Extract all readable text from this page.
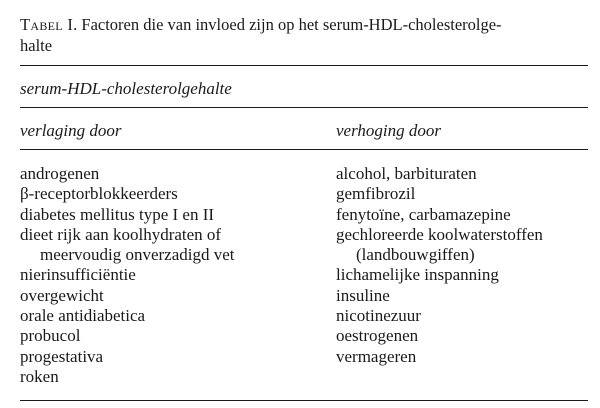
Tabel I. Factoren die van invloed zijn op het serum-HDL-cholesterolge-
halte
serum-HDL-cholesterolgehalte
verlaging door	verhoging door
androgenen
β-receptorblokkeerders
diabetes mellitus type I en II
dieet rijk aan koolhydraten of
meervoudig onverzadigd vet
nierinsufficiëntie
overgewicht
orale antidiabetica
probucol
progestativa
roken
alcohol, barbituraten
gemfibrozil
fenytoïne, carbamazepine
gechloreerde koolwaterstoffen
(landbouwgiffen)
lichamelijke inspanning
insuline
nicotinezuur
oestrogenen
vermageren
